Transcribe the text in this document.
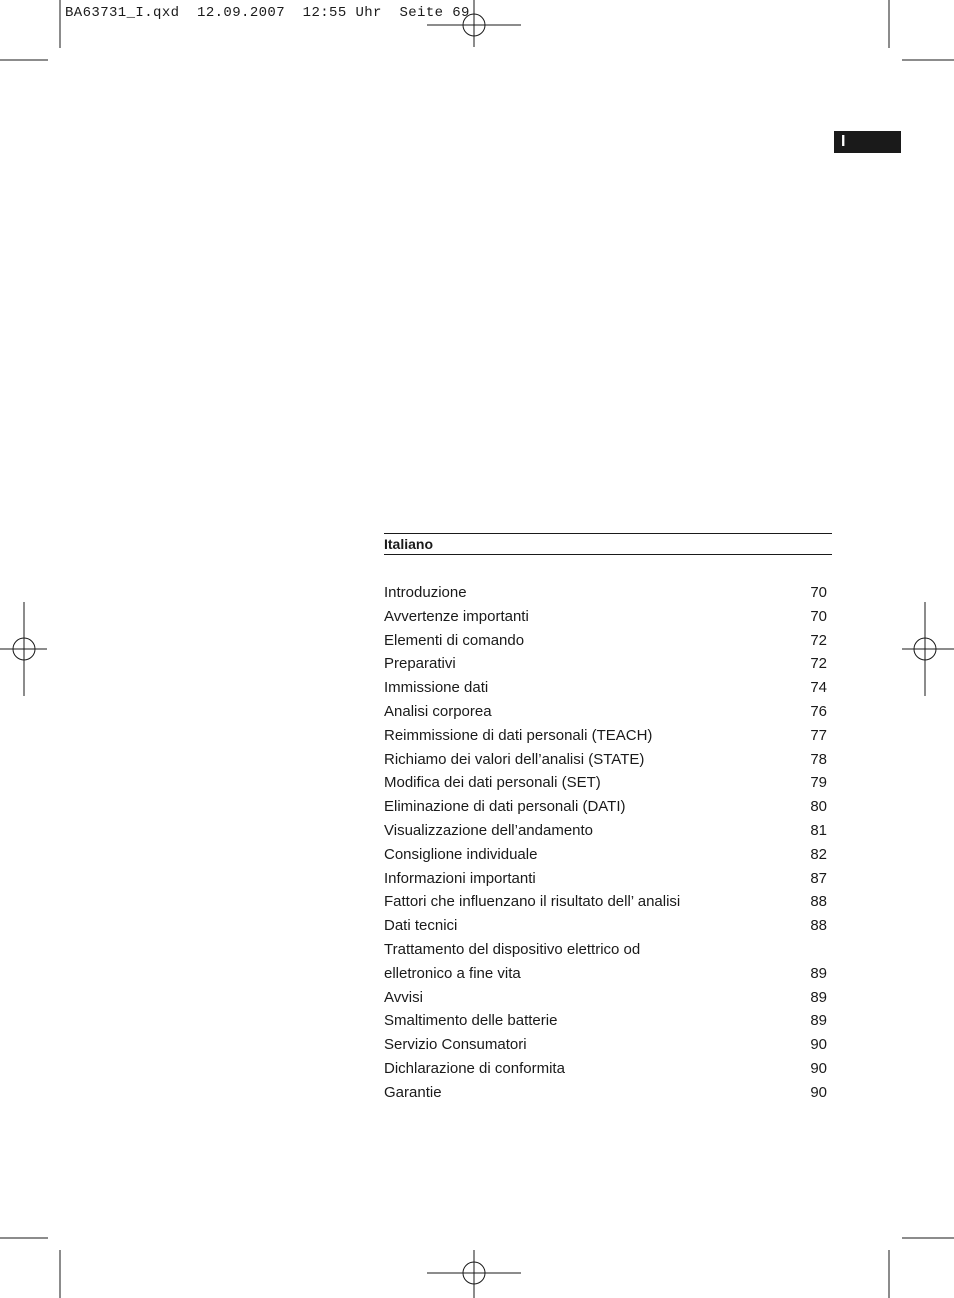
BA63731_I.qxd  12.09.2007  12:55 Uhr  Seite 69
I
Italiano
Introduzione	70
Avvertenze importanti	70
Elementi di comando	72
Preparativi	72
Immissione dati	74
Analisi corporea	76
Reimmissione di dati personali (TEACH)	77
Richiamo dei valori dell’analisi (STATE)	78
Modifica dei dati personali (SET)	79
Eliminazione di dati personali (DATI)	80
Visualizzazione dell’andamento	81
Consiglione individuale	82
Informazioni importanti	87
Fattori che influenzano il risultato dell’ analisi	88
Dati tecnici	88
Trattamento del dispositivo elettrico od
elletronico a fine vita	89
Avvisi	89
Smaltimento delle batterie	89
Servizio Consumatori	90
Dichlarazione di conformita	90
Garantie	90
